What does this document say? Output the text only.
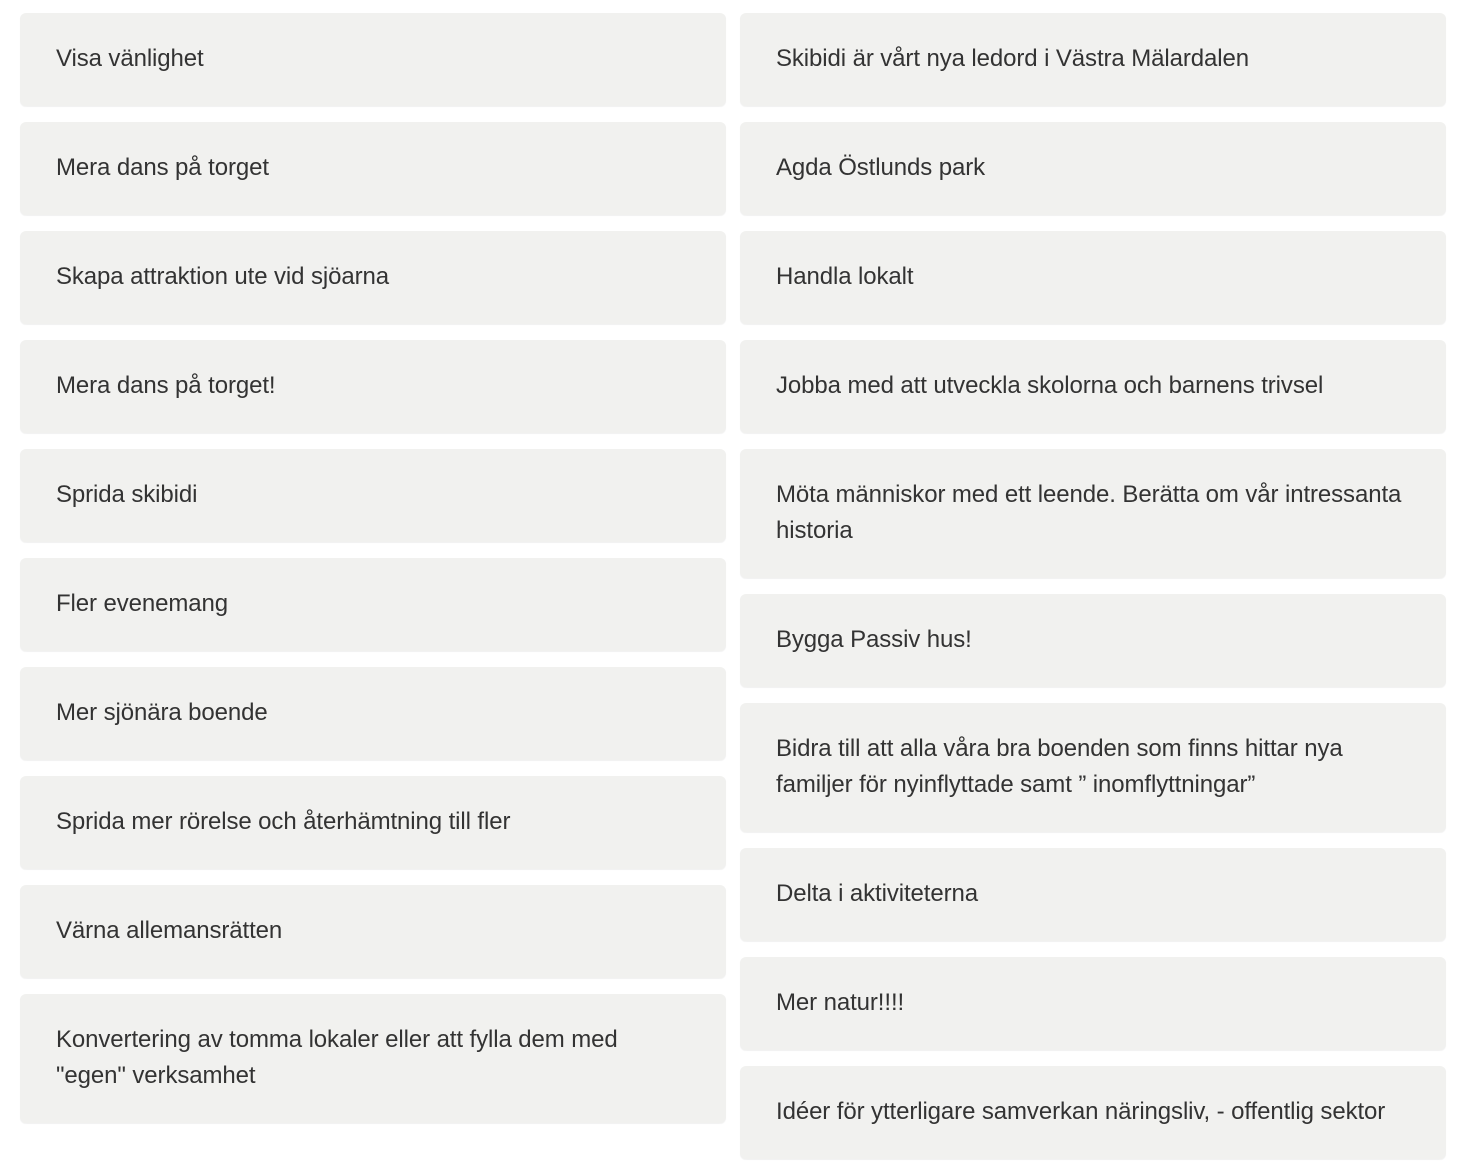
Visa vänlighet
Mera dans på torget
Skapa attraktion ute vid sjöarna
Mera dans på torget!
Sprida skibidi
Fler evenemang
Mer sjönära boende
Sprida mer rörelse och återhämtning till fler
Värna allemansrätten
Konvertering av tomma lokaler eller att fylla dem med "egen" verksamhet
Skibidi är vårt nya ledord i Västra Mälardalen
Agda Östlunds park
Handla lokalt
Jobba med att utveckla skolorna och barnens trivsel
Möta människor med ett leende. Berätta om vår intressanta historia
Bygga Passiv hus!
Bidra till att alla våra bra boenden som finns hittar nya familjer för nyinflyttade samt ” inomflyttningar”
Delta i aktiviteterna
Mer natur!!!!
Idéer för ytterligare samverkan näringsliv, - offentlig sektor
